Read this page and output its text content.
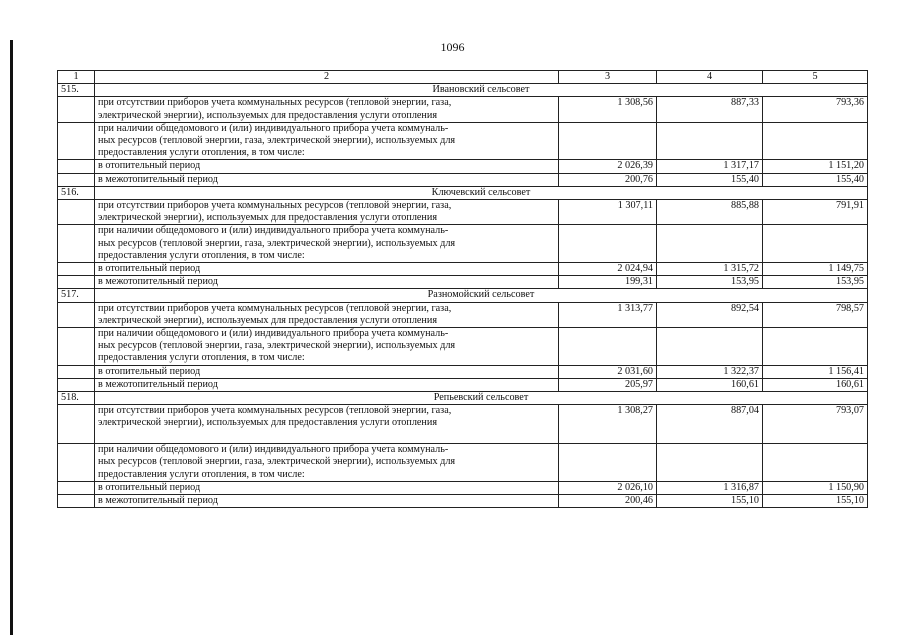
1096
1	2	3	4	5
515.	Ивановский сельсовет			

	при отсутствии приборов учета коммунальных ресурсов (тепловой энергии, газа,
электрической энергии), используемых для предоставления услуги отопления	1 308,56	887,33	793,36

	при наличии общедомового и (или) индивидуального прибора учета коммуналь-
ных ресурсов (тепловой энергии, газа, электрической энергии), используемых для
предоставления услуги отопления, в том числе:			

	в отопительный период	2 026,39	1 317,17	1 151,20

	в межотопительный период	200,76	155,40	155,40
516.	Ключевский сельсовет			

	при отсутствии приборов учета коммунальных ресурсов (тепловой энергии, газа,
электрической энергии), используемых для предоставления услуги отопления	1 307,11	885,88	791,91

	при наличии общедомового и (или) индивидуального прибора учета коммуналь-
ных ресурсов (тепловой энергии, газа, электрической энергии), используемых для
предоставления услуги отопления, в том числе:			

	в отопительный период	2 024,94	1 315,72	1 149,75

	в межотопительный период	199,31	153,95	153,95
517.	Разномойский сельсовет			

	при отсутствии приборов учета коммунальных ресурсов (тепловой энергии, газа,
электрической энергии), используемых для предоставления услуги отопления	1 313,77	892,54	798,57

	при наличии общедомового и (или) индивидуального прибора учета коммуналь-
ных ресурсов (тепловой энергии, газа, электрической энергии), используемых для
предоставления услуги отопления, в том числе:			

	в отопительный период	2 031,60	1 322,37	1 156,41

	в межотопительный период	205,97	160,61	160,61
518.	Репьевский сельсовет			

	при отсутствии приборов учета коммунальных ресурсов (тепловой энергии, газа,
электрической энергии), используемых для предоставления услуги отопления	1 308,27	887,04	793,07

	при наличии общедомового и (или) индивидуального прибора учета коммуналь-
ных ресурсов (тепловой энергии, газа, электрической энергии), используемых для
предоставления услуги отопления, в том числе:			

	в отопительный период	2 026,10	1 316,87	1 150,90

	в межотопительный период	200,46	155,10	155,10
